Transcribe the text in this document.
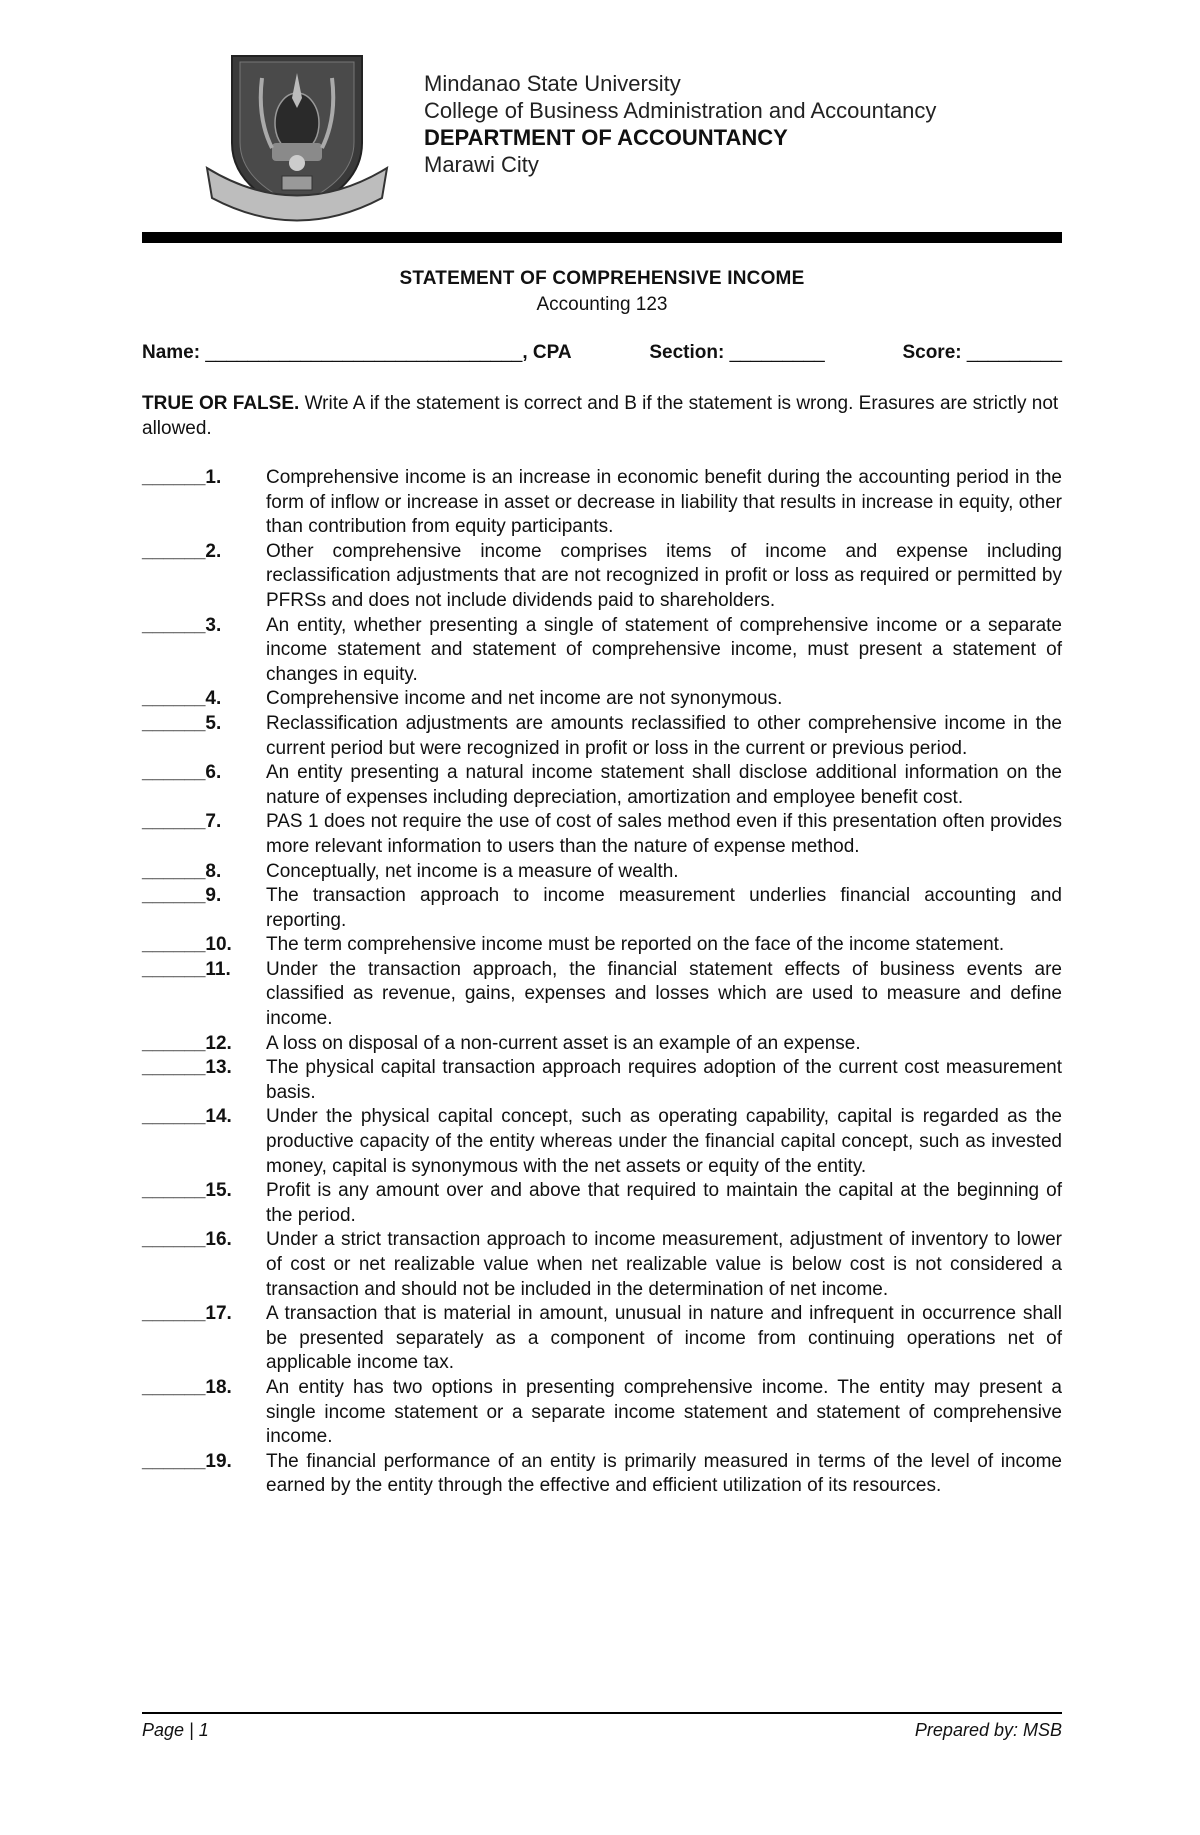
Mindanao State University
College of Business Administration and Accountancy
DEPARTMENT OF ACCOUNTANCY
Marawi City
STATEMENT OF COMPREHENSIVE INCOME
Accounting 123
Name: ______________________________, CPA	Section: _________	Score: _________
TRUE OR FALSE. Write A if the statement is correct and B if the statement is wrong. Erasures are strictly not allowed.
______1.	Comprehensive income is an increase in economic benefit during the accounting period in the form of inflow or increase in asset or decrease in liability that results in increase in equity, other than contribution from equity participants.
______2.	Other comprehensive income comprises items of income and expense including reclassification adjustments that are not recognized in profit or loss as required or permitted by PFRSs and does not include dividends paid to shareholders.
______3.	An entity, whether presenting a single of statement of comprehensive income or a separate income statement and statement of comprehensive income, must present a statement of changes in equity.
______4.	Comprehensive income and net income are not synonymous.
______5.	Reclassification adjustments are amounts reclassified to other comprehensive income in the current period but were recognized in profit or loss in the current or previous period.
______6.	An entity presenting a natural income statement shall disclose additional information on the nature of expenses including depreciation, amortization and employee benefit cost.
______7.	PAS 1 does not require the use of cost of sales method even if this presentation often provides more relevant information to users than the nature of expense method.
______8.	Conceptually, net income is a measure of wealth.
______9.	The transaction approach to income measurement underlies financial accounting and reporting.
______10.	The term comprehensive income must be reported on the face of the income statement.
______11.	Under the transaction approach, the financial statement effects of business events are classified as revenue, gains, expenses and losses which are used to measure and define income.
______12.	A loss on disposal of a non-current asset is an example of an expense.
______13.	The physical capital transaction approach requires adoption of the current cost measurement basis.
______14.	Under the physical capital concept, such as operating capability, capital is regarded as the productive capacity of the entity whereas under the financial capital concept, such as invested money, capital is synonymous with the net assets or equity of the entity.
______15.	Profit is any amount over and above that required to maintain the capital at the beginning of the period.
______16.	Under a strict transaction approach to income measurement, adjustment of inventory to lower of cost or net realizable value when net realizable value is below cost is not considered a transaction and should not be included in the determination of net income.
______17.	A transaction that is material in amount, unusual in nature and infrequent in occurrence shall be presented separately as a component of income from continuing operations net of applicable income tax.
______18.	An entity has two options in presenting comprehensive income. The entity may present a single income statement or a separate income statement and statement of comprehensive income.
______19.	The financial performance of an entity is primarily measured in terms of the level of income earned by the entity through the effective and efficient utilization of its resources.
Page | 1	Prepared by: MSB
